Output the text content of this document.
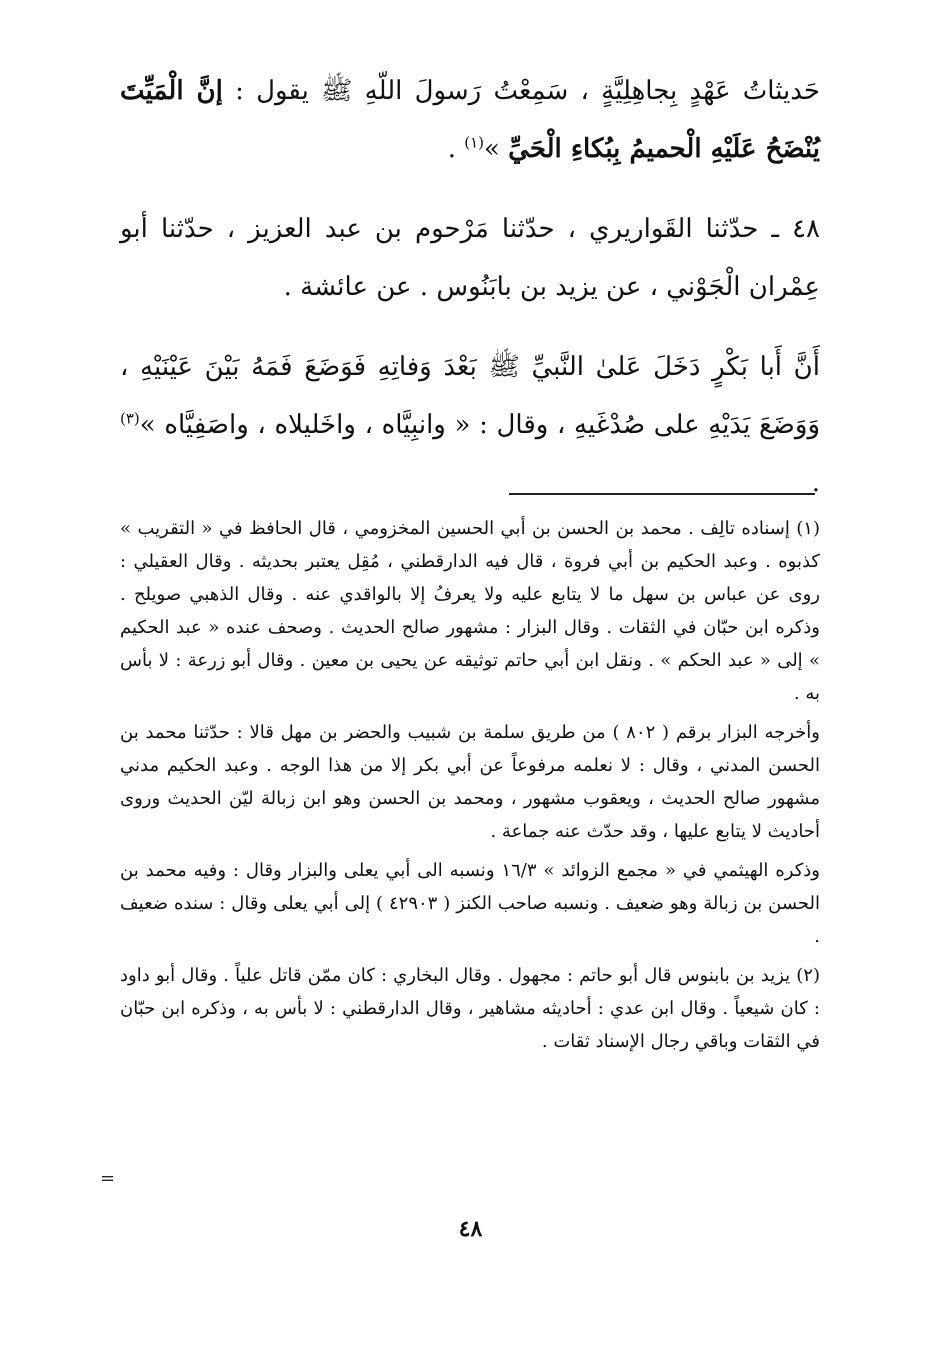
حَديثاتُ عَهْدٍ بِجاهِلِيَّةٍ ، سَمِعْتُ رَسولَ اللّهِ ﷺ يقول : إنَّ الْمَيِّتَ يُنْضَحُ عَلَيْهِ الْحميمُ بِبُكاءِ الْحَيِّ »$^{(١)}$ .

٤٨ ـ حدّثنا القَواريري ، حدّثنا مَرْحوم بن عبد العزيز ، حدّثنا أبو عِمْران الْجَوْني ، عن يزيد بن بابَنُوس . عن عائشة .

أَنَّ أَبا بَكْرٍ دَخَلَ عَلىٰ النَّبيِّ ﷺ بَعْدَ وَفاتِهِ فَوَضَعَ فَمَهُ بَيْنَ عَيْنَيْهِ ، وَوَضَعَ يَدَيْهِ على صُدْغَيهِ ، وقال : « وانبِيَّاه ، واخَليلاه ، واصَفِيَّاه »$^{(٣)}$ .

(١) إسناده تالِف . محمد بن الحسن بن أبي الحسين المخزومي ، قال الحافظ في « التقريب » كذبوه . وعبد الحكيم بن أبي فروة ، قال فيه الدارقطني ، مُقِل يعتبر بحديثه . وقال العقيلي : روى عن عباس بن سهل ما لا يتابع عليه ولا يعرفُ إلا بالواقدي عنه . وقال الذهبي صويلح . وذكره ابن حبّان في الثقات . وقال البزار : مشهور صالح الحديث . وصحف عنده « عبد الحكيم » إلى « عبد الحكم » . ونقل ابن أبي حاتم توثيقه عن يحيى بن معين . وقال أبو زرعة : لا بأس به .

وأخرجه البزار برقم ( ٨٠٢ ) من طريق سلمة بن شبيب والحضر بن مهل قالا : حدّثنا محمد بن الحسن المدني ، وقال : لا نعلمه مرفوعاً عن أبي بكر إلا من هذا الوجه . وعبد الحكيم مدني مشهور صالح الحديث ، ويعقوب مشهور ، ومحمد بن الحسن وهو ابن زبالة ليّن الحديث وروى أحاديث لا يتابع عليها ، وقد حدّث عنه جماعة .

وذكره الهيثمي في « مجمع الزوائد » ١٦/٣ ونسبه الى أبي يعلى والبزار وقال : وفيه محمد بن الحسن بن زبالة وهو ضعيف . ونسبه صاحب الكنز ( ٤٢٩٠٣ ) إلى أبي يعلى وقال : سنده ضعيف .

(٢) يزيد بن بابنوس قال أبو حاتم : مجهول . وقال البخاري : كان ممّن قاتل علياً . وقال أبو داود : كان شيعياً . وقال ابن عدي : أحاديثه مشاهير ، وقال الدارقطني : لا بأس به ، وذكره ابن حبّان في الثقات وباقي رجال الإسناد ثقات .

=
٤٨
